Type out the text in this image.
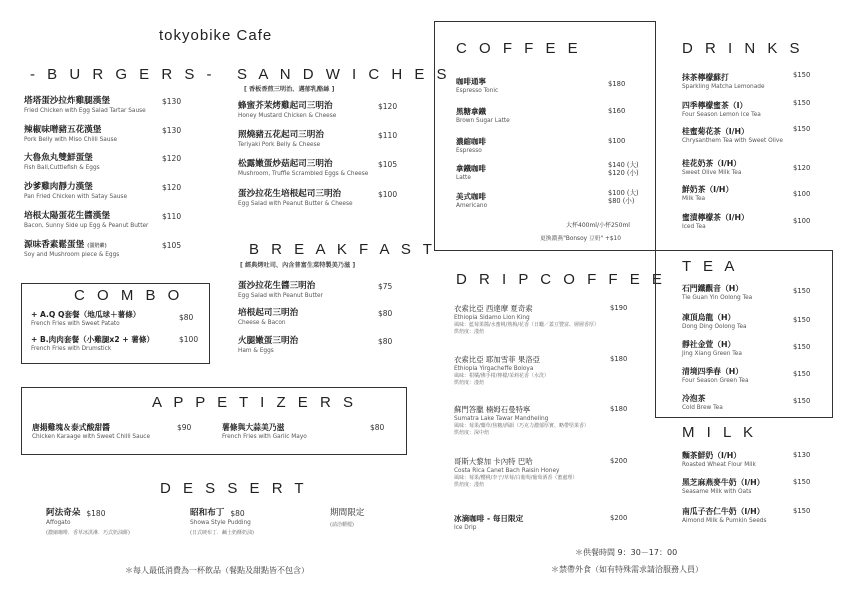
tokyobike Cafe
- B U R G E R S -
塔塔蛋沙拉炸雞腿漢堡
Fried Chicken with Egg Salad Tartar Sause
$130
辣椒味噌豬五花漢堡
Pork Belly with Miso Chilli Sause
$130
大魯魚丸雙鮮蛋堡
Fish Ball,Cuttlefish & Eggs
$120
沙爹雞肉靜力漢堡
Pan Fried Chicken with Satay Sause
$120
培根太陽蛋花生醬漢堡
Bacon, Sunny Side up Egg & Peanut Butter
$110
源味香素鬆蛋堡 (蛋奶素)
Soy and Mushroom piece & Eggs
$105
C O M B O
+ A.Q Q套餐（地瓜球＋薯條）
French Fries with Sweet Patato
$80
+ B.肉肉套餐（小雞腿x2 + 薯條）
French Fries with Drumstick
$100
S A N D W I C H E S
[ 香板香煎三明治、邁郁乳酪絲 ]
蜂蜜芥茉烤雞起司三明治
Honey Mustard Chicken & Cheese
$120
照燒豬五花起司三明治
Teriyaki Pork Belly & Cheese
$110
松露嫩蛋炒菇起司三明治
Mushroom, Truffle Scrambled Eggs & Cheese
$105
蛋沙拉花生培根起司三明治
Egg Salad with Peanut Butter & Cheese
$100
B R E A K F A S T
[ 經典烤吐司、內含普富生菜特製美乃滋 ]
蛋沙拉花生醬三明治
Egg Salad with Peanut Butter
$75
培根起司三明治
Cheese & Bacon
$80
火腿嫩蛋三明治
Ham & Eggs
$80
A P P E T I Z E R S
唐揚雞塊＆泰式酸甜醬
Chicken Karaage with Sweet Chilli Sauce
$90	薯條與大蒜美乃滋
French Fries with Garlic Mayo
$80
D E S S E R T
阿法奇朵 $180
Affogato
(濃縮咖啡．香草冰淇淋．巧式奶油餅)
昭和布丁 $80
Showa Style Pudding
(日式硬布丁．鹹土奶酥奶油)
期間限定
(請洽櫃檯)
＊每人最低消費為一杯飲品（餐點及甜點皆不包含）
C O F F E E
咖啡通寧
Espresso Tonic
$180
黑糖拿鐵
Brown Sugar Latte
$160
濃縮咖啡
Espresso
$100
拿鐵咖啡
Latte
$140 (大)
$120 (小)
美式咖啡
Americano
$100 (大)
$80 (小)
大杯400ml/小杯250ml
更換濃燕"Bonsoy 豆奶" +$10
D R I P C O F F E E
衣索比亞 西達摩 夏奇索
Ethiopia Sidamo Lion King
風味：藍莓果醬/水蜜桃/熟梅/花香（日曬／蓋豆豐富、層層香厚）
烘焙度：淺焙
$190
衣索比亞 耶加雪菲 果洛亞
Ethiopia Yirgacheffe Boloya
風味：柑橘/佛手柑/檸檬/茉莉花香（水洗）
烘焙度：淺焙
$180
蘇門答臘 楠姆石曼特寧
Sumatra Lake Tawar Mandheling
風味：莓果/藥草/焦糖/酒韻（巧克力濃郁厚實、略帶堅果香）
烘焙度：深中焙
$180
哥斯大黎加 卡內特 巴哈
Costa Rica Canet Bach Raisin Honey
風味：莓果/櫻桃/李子/草莓/白葡萄/葡萄酒香（蜜處理）
烘焙度：淺焙
$200
冰滴咖啡 - 每日限定
Ice Drip
$200
D R I N K S
抹茶檸檬蘇打
Sparkling Matcha Lemonade
$150
四季檸檬蜜茶（I）
Four Season Lemon Ice Tea
$150
桂蜜菊花茶（I/H）
Chrysanthem Tea with Sweet Olive
$150
桂花奶茶（I/H）
Sweet Olive Milk Tea
$120
鮮奶茶（I/H）
Milk Tea
$100
蜜漬檸檬茶（I/H）
Iced Tea
$100
T E A
石門鐵觀音（H）
Tie Guan Yin Oolong Tea
$150
凍頂烏龍（H）
Dong Ding Oolong Tea
$150
靜社金萱（H）
Jing Xiang Green Tea
$150
清境四季春（H）
Four Season Green Tea
$150
冷泡茶
Cold Brew Tea
$150
M I L K
麵茶鮮奶（I/H）
Roasted Wheat Flour Milk
$130
黑芝麻燕麥牛奶（I/H）
Seasame Milk with Oats
$150
南瓜子杏仁牛奶（I/H）
Almond Milk & Pumkin Seeds
$150
＊供餐時間 9：30－17：00
＊禁帶外食（如有特殊需求請洽服務人員）
